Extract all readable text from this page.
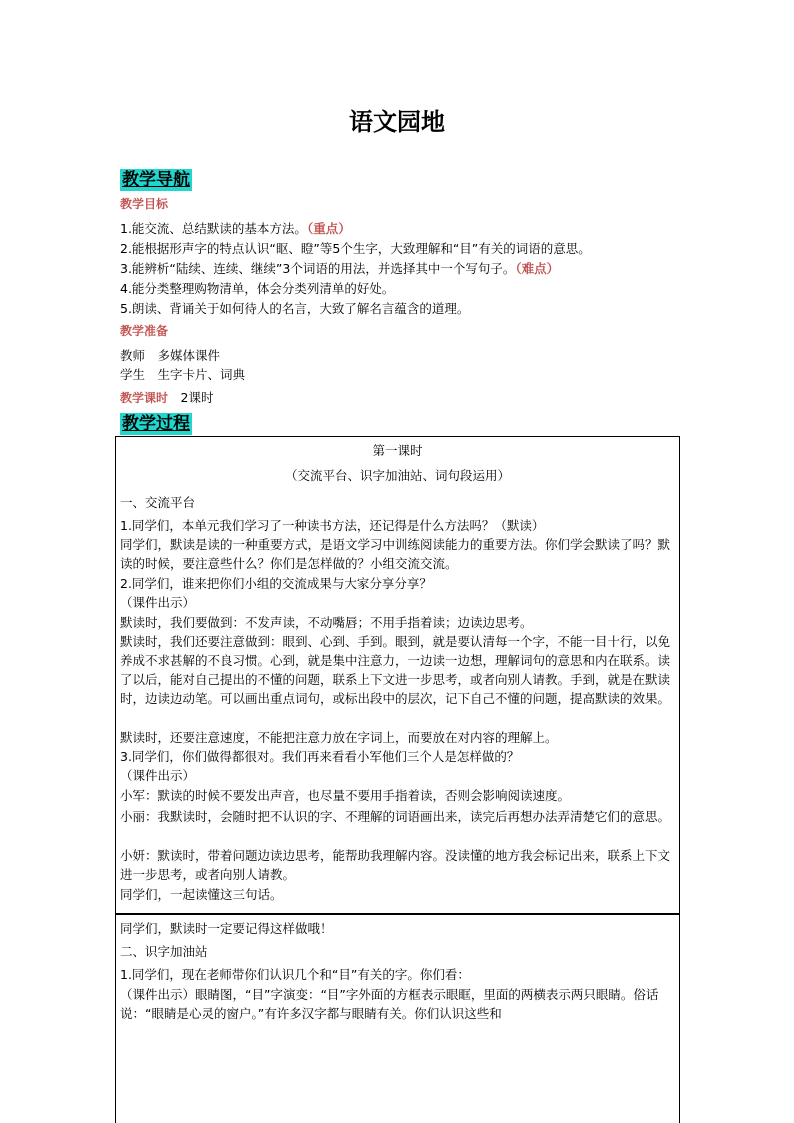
语文园地
教学导航
教学目标
1.能交流、总结默读的基本方法。（重点）
2.能根据形声字的特点认识“眍、瞪”等5个生字，大致理解和“目”有关的词语的意思。
3.能辨析“陆续、连续、继续”3个词语的用法，并选择其中一个写句子。（难点）
4.能分类整理购物清单，体会分类列清单的好处。
5.朗读、背诵关于如何待人的名言，大致了解名言蕴含的道理。
教学准备
教师　多媒体课件
学生　生字卡片、词典
教学课时　 2课时
教学过程
第一课时
（交流平台、识字加油站、词句段运用）
一、交流平台
1.同学们，本单元我们学习了一种读书方法，还记得是什么方法吗？（默读）
同学们，默读是读的一种重要方式，是语文学习中训练阅读能力的重要方法。你们学会默读了吗？默读的时候，要注意些什么？你们是怎样做的？小组交流交流。
2.同学们，谁来把你们小组的交流成果与大家分享分享？
（课件出示）
默读时，我们要做到：不发声读，不动嘴唇；不用手指着读；边读边思考。
默读时，我们还要注意做到：眼到、心到、手到。眼到，就是要认清每一个字，不能一目十行，以免养成不求甚解的不良习惯。心到，就是集中注意力，一边读一边想，理解词句的意思和内在联系。读了以后，能对自己提出的不懂的问题，联系上下文进一步思考，或者向别人请教。手到，就是在默读时，边读边动笔。可以画出重点词句，或标出段中的层次，记下自己不懂的问题，提高默读的效果。
默读时，还要注意速度，不能把注意力放在字词上，而要放在对内容的理解上。
3.同学们，你们做得都很对。我们再来看看小军他们三个人是怎样做的？
（课件出示）
小军：默读的时候不要发出声音，也尽量不要用手指着读，否则会影响阅读速度。
小丽：我默读时，会随时把不认识的字、不理解的词语画出来，读完后再想办法弄清楚它们的意思。
小妍：默读时，带着问题边读边思考，能帮助我理解内容。没读懂的地方我会标记出来，联系上下文进一步思考，或者向别人请教。
同学们，一起读懂这三句话。
同学们，默读时一定要记得这样做哦！
二、识字加油站
1.同学们，现在老师带你们认识几个和“目”有关的字。你们看：
（课件出示）眼睛图，“目”字演变：“目”字外面的方框表示眼眶，里面的两横表示两只眼睛。俗话说：“眼睛是心灵的窗户。”有许多汉字都与眼睛有关。你们认识这些和
